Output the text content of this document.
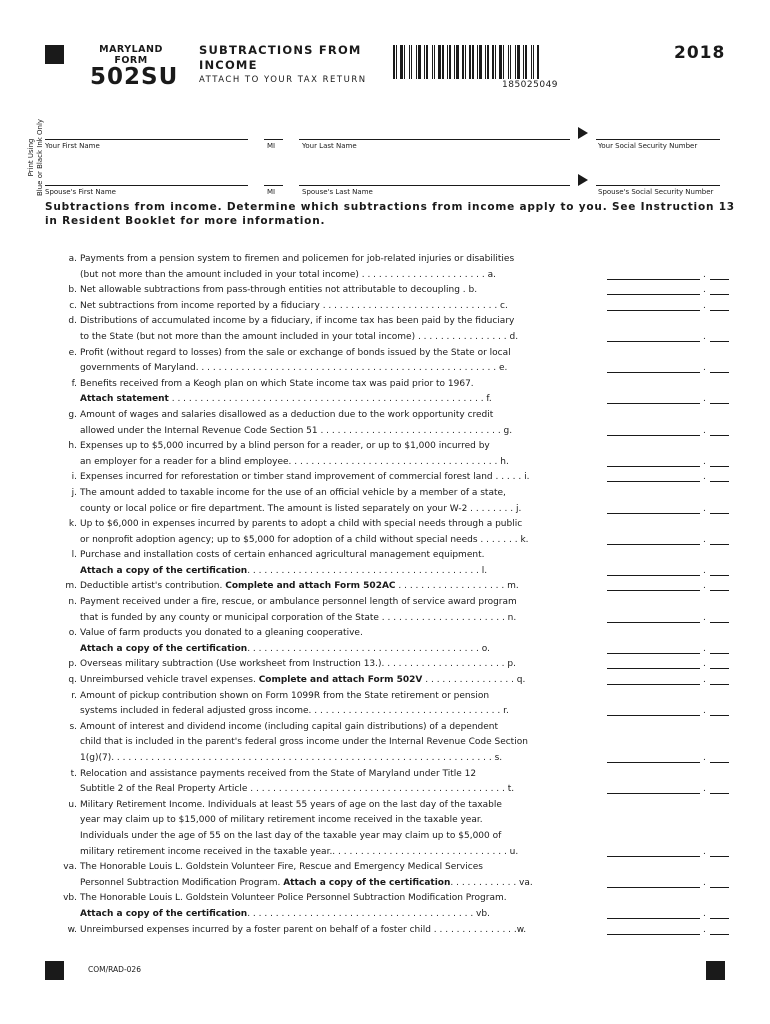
MARYLAND
FORM
502SU
SUBTRACTIONS FROM
INCOME
ATTACH TO YOUR TAX RETURN	185025049
2018
Print Using Blue or Black Ink Only Your First Name	MI	Your Last Name	Your Social Security Number
Spouse's First Name	MI	Spouse's Last Name	Spouse's Social Security Number
Subtractions from income. Determine which subtractions from income apply to you. See Instruction 13 in Resident Booklet for more information.
a. Payments from a pension system to firemen and policemen for job-related injuries or disabilities
(but not more than the amount included in your total income) . . . . . . . . . . . . . . . . . . . . . . a.	.
b. Net allowable subtractions from pass-through entities not attributable to decoupling . b.	.
c. Net subtractions from income reported by a fiduciary . . . . . . . . . . . . . . . . . . . . . . . . . . . . . . . c.	.
d. Distributions of accumulated income by a fiduciary, if income tax has been paid by the fiduciary
to the State (but not more than the amount included in your total income) . . . . . . . . . . . . . . . . d.	.
e. Profit (without regard to losses) from the sale or exchange of bonds issued by the State or local
governments of Maryland. . . . . . . . . . . . . . . . . . . . . . . . . . . . . . . . . . . . . . . . . . . . . . . . . . . . . e.	.
f. Benefits received from a Keogh plan on which State income tax was paid prior to 1967.
Attach statement . . . . . . . . . . . . . . . . . . . . . . . . . . . . . . . . . . . . . . . . . . . . . . . . . . . . . . . f.	.
g. Amount of wages and salaries disallowed as a deduction due to the work opportunity credit
allowed under the Internal Revenue Code Section 51 . . . . . . . . . . . . . . . . . . . . . . . . . . . . . . . . g.	.
h. Expenses up to $5,000 incurred by a blind person for a reader, or up to $1,000 incurred by
an employer for a reader for a blind employee. . . . . . . . . . . . . . . . . . . . . . . . . . . . . . . . . . . . . h.	.
i. Expenses incurred for reforestation or timber stand improvement of commercial forest land . . . . . i.	.
j. The amount added to taxable income for the use of an official vehicle by a member of a state,
county or local police or fire department. The amount is listed separately on your W-2 . . . . . . . . j.	.
k. Up to $6,000 in expenses incurred by parents to adopt a child with special needs through a public
or nonprofit adoption agency; up to $5,000 for adoption of a child without special needs . . . . . . . k.	.
l. Purchase and installation costs of certain enhanced agricultural management equipment.
Attach a copy of the certification. . . . . . . . . . . . . . . . . . . . . . . . . . . . . . . . . . . . . . . . . l.	.
m. Deductible artist's contribution. Complete and attach Form 502AC . . . . . . . . . . . . . . . . . . . m.	.
n. Payment received under a fire, rescue, or ambulance personnel length of service award program
that is funded by any county or municipal corporation of the State . . . . . . . . . . . . . . . . . . . . . . n.	.
o. Value of farm products you donated to a gleaning cooperative.
Attach a copy of the certification. . . . . . . . . . . . . . . . . . . . . . . . . . . . . . . . . . . . . . . . . o.	.
p. Overseas military subtraction (Use worksheet from Instruction 13.). . . . . . . . . . . . . . . . . . . . . . p.	.
q. Unreimbursed vehicle travel expenses. Complete and attach Form 502V . . . . . . . . . . . . . . . . q.	.
r. Amount of pickup contribution shown on Form 1099R from the State retirement or pension
systems included in federal adjusted gross income. . . . . . . . . . . . . . . . . . . . . . . . . . . . . . . . . . r.	.
s. Amount of interest and dividend income (including capital gain distributions) of a dependent
child that is included in the parent's federal gross income under the Internal Revenue Code Section
1(g)(7). . . . . . . . . . . . . . . . . . . . . . . . . . . . . . . . . . . . . . . . . . . . . . . . . . . . . . . . . . . . . . . . . . . s.	.
t. Relocation and assistance payments received from the State of Maryland under Title 12
Subtitle 2 of the Real Property Article . . . . . . . . . . . . . . . . . . . . . . . . . . . . . . . . . . . . . . . . . . . . . t.	.
u. Military Retirement Income. Individuals at least 55 years of age on the last day of the taxable
year may claim up to $15,000 of military retirement income received in the taxable year.
Individuals under the age of 55 on the last day of the taxable year may claim up to $5,000 of
military retirement income received in the taxable year.. . . . . . . . . . . . . . . . . . . . . . . . . . . . . . . u.	.
va. The Honorable Louis L. Goldstein Volunteer Fire, Rescue and Emergency Medical Services
Personnel Subtraction Modification Program. Attach a copy of the certification. . . . . . . . . . . . va.	.
vb. The Honorable Louis L. Goldstein Volunteer Police Personnel Subtraction Modification Program.
Attach a copy of the certification. . . . . . . . . . . . . . . . . . . . . . . . . . . . . . . . . . . . . . . . vb.	.
w. Unreimbursed expenses incurred by a foster parent on behalf of a foster child . . . . . . . . . . . . . . .w.	.
COM/RAD-026
